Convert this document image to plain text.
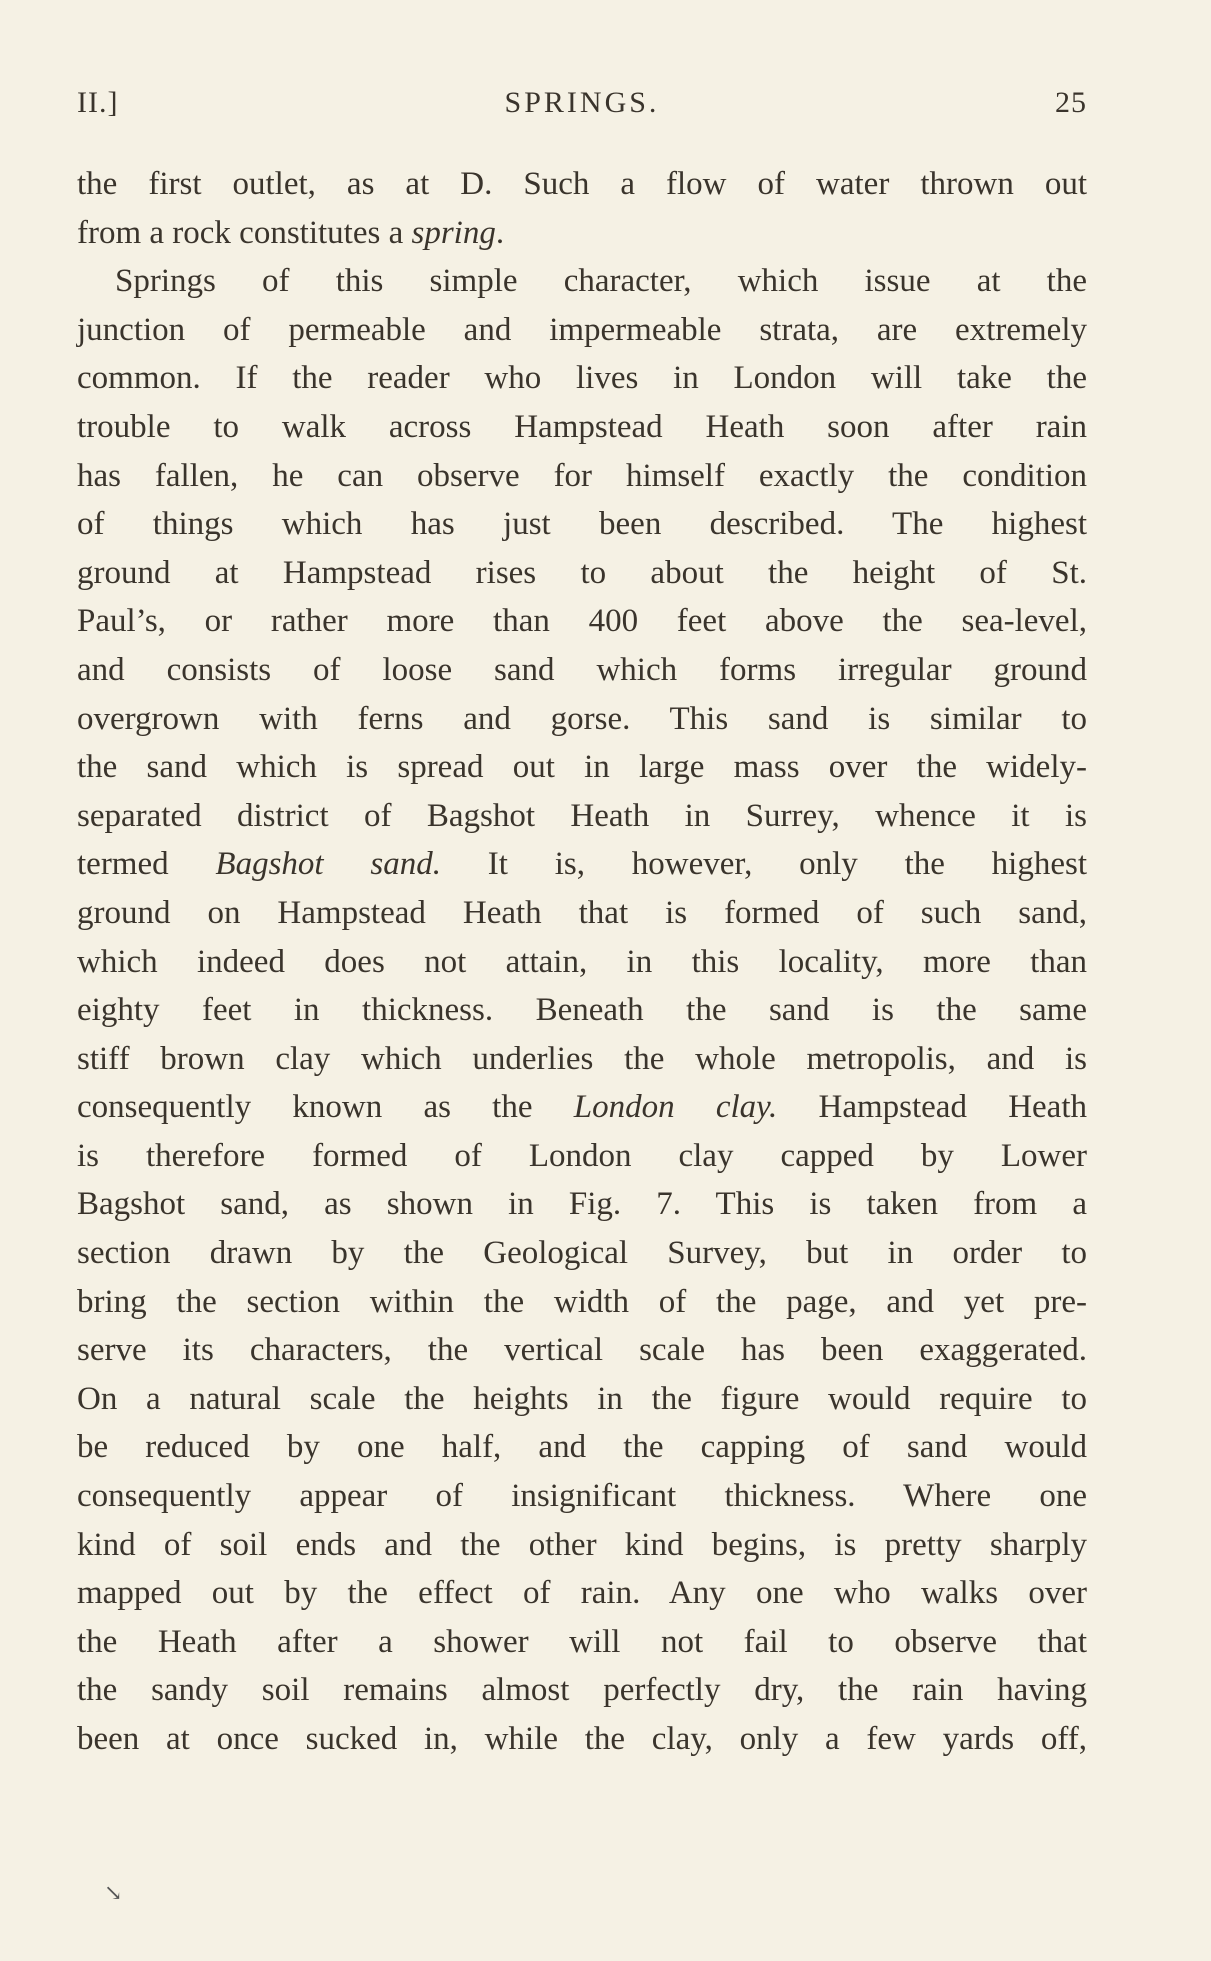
II.]	SPRINGS.	25
the first outlet, as at D. Such a flow of water thrown out
from a rock constitutes a spring.
Springs of this simple character, which issue at the
junction of permeable and impermeable strata, are extremely
common. If the reader who lives in London will take the
trouble to walk across Hampstead Heath soon after rain
has fallen, he can observe for himself exactly the condition
of things which has just been described. The highest
ground at Hampstead rises to about the height of St.
Paul’s, or rather more than 400 feet above the sea-level,
and consists of loose sand which forms irregular ground
overgrown with ferns and gorse. This sand is similar to
the sand which is spread out in large mass over the widely-
separated district of Bagshot Heath in Surrey, whence it is
termed Bagshot sand. It is, however, only the highest
ground on Hampstead Heath that is formed of such sand,
which indeed does not attain, in this locality, more than
eighty feet in thickness. Beneath the sand is the same
stiff brown clay which underlies the whole metropolis, and is
consequently known as the London clay. Hampstead Heath
is therefore formed of London clay capped by Lower
Bagshot sand, as shown in Fig. 7. This is taken from a
section drawn by the Geological Survey, but in order to
bring the section within the width of the page, and yet pre-
serve its characters, the vertical scale has been exaggerated.
On a natural scale the heights in the figure would require to
be reduced by one half, and the capping of sand would
consequently appear of insignificant thickness. Where one
kind of soil ends and the other kind begins, is pretty sharply
mapped out by the effect of rain. Any one who walks over
the Heath after a shower will not fail to observe that
the sandy soil remains almost perfectly dry, the rain having
been at once sucked in, while the clay, only a few yards off,
↘
